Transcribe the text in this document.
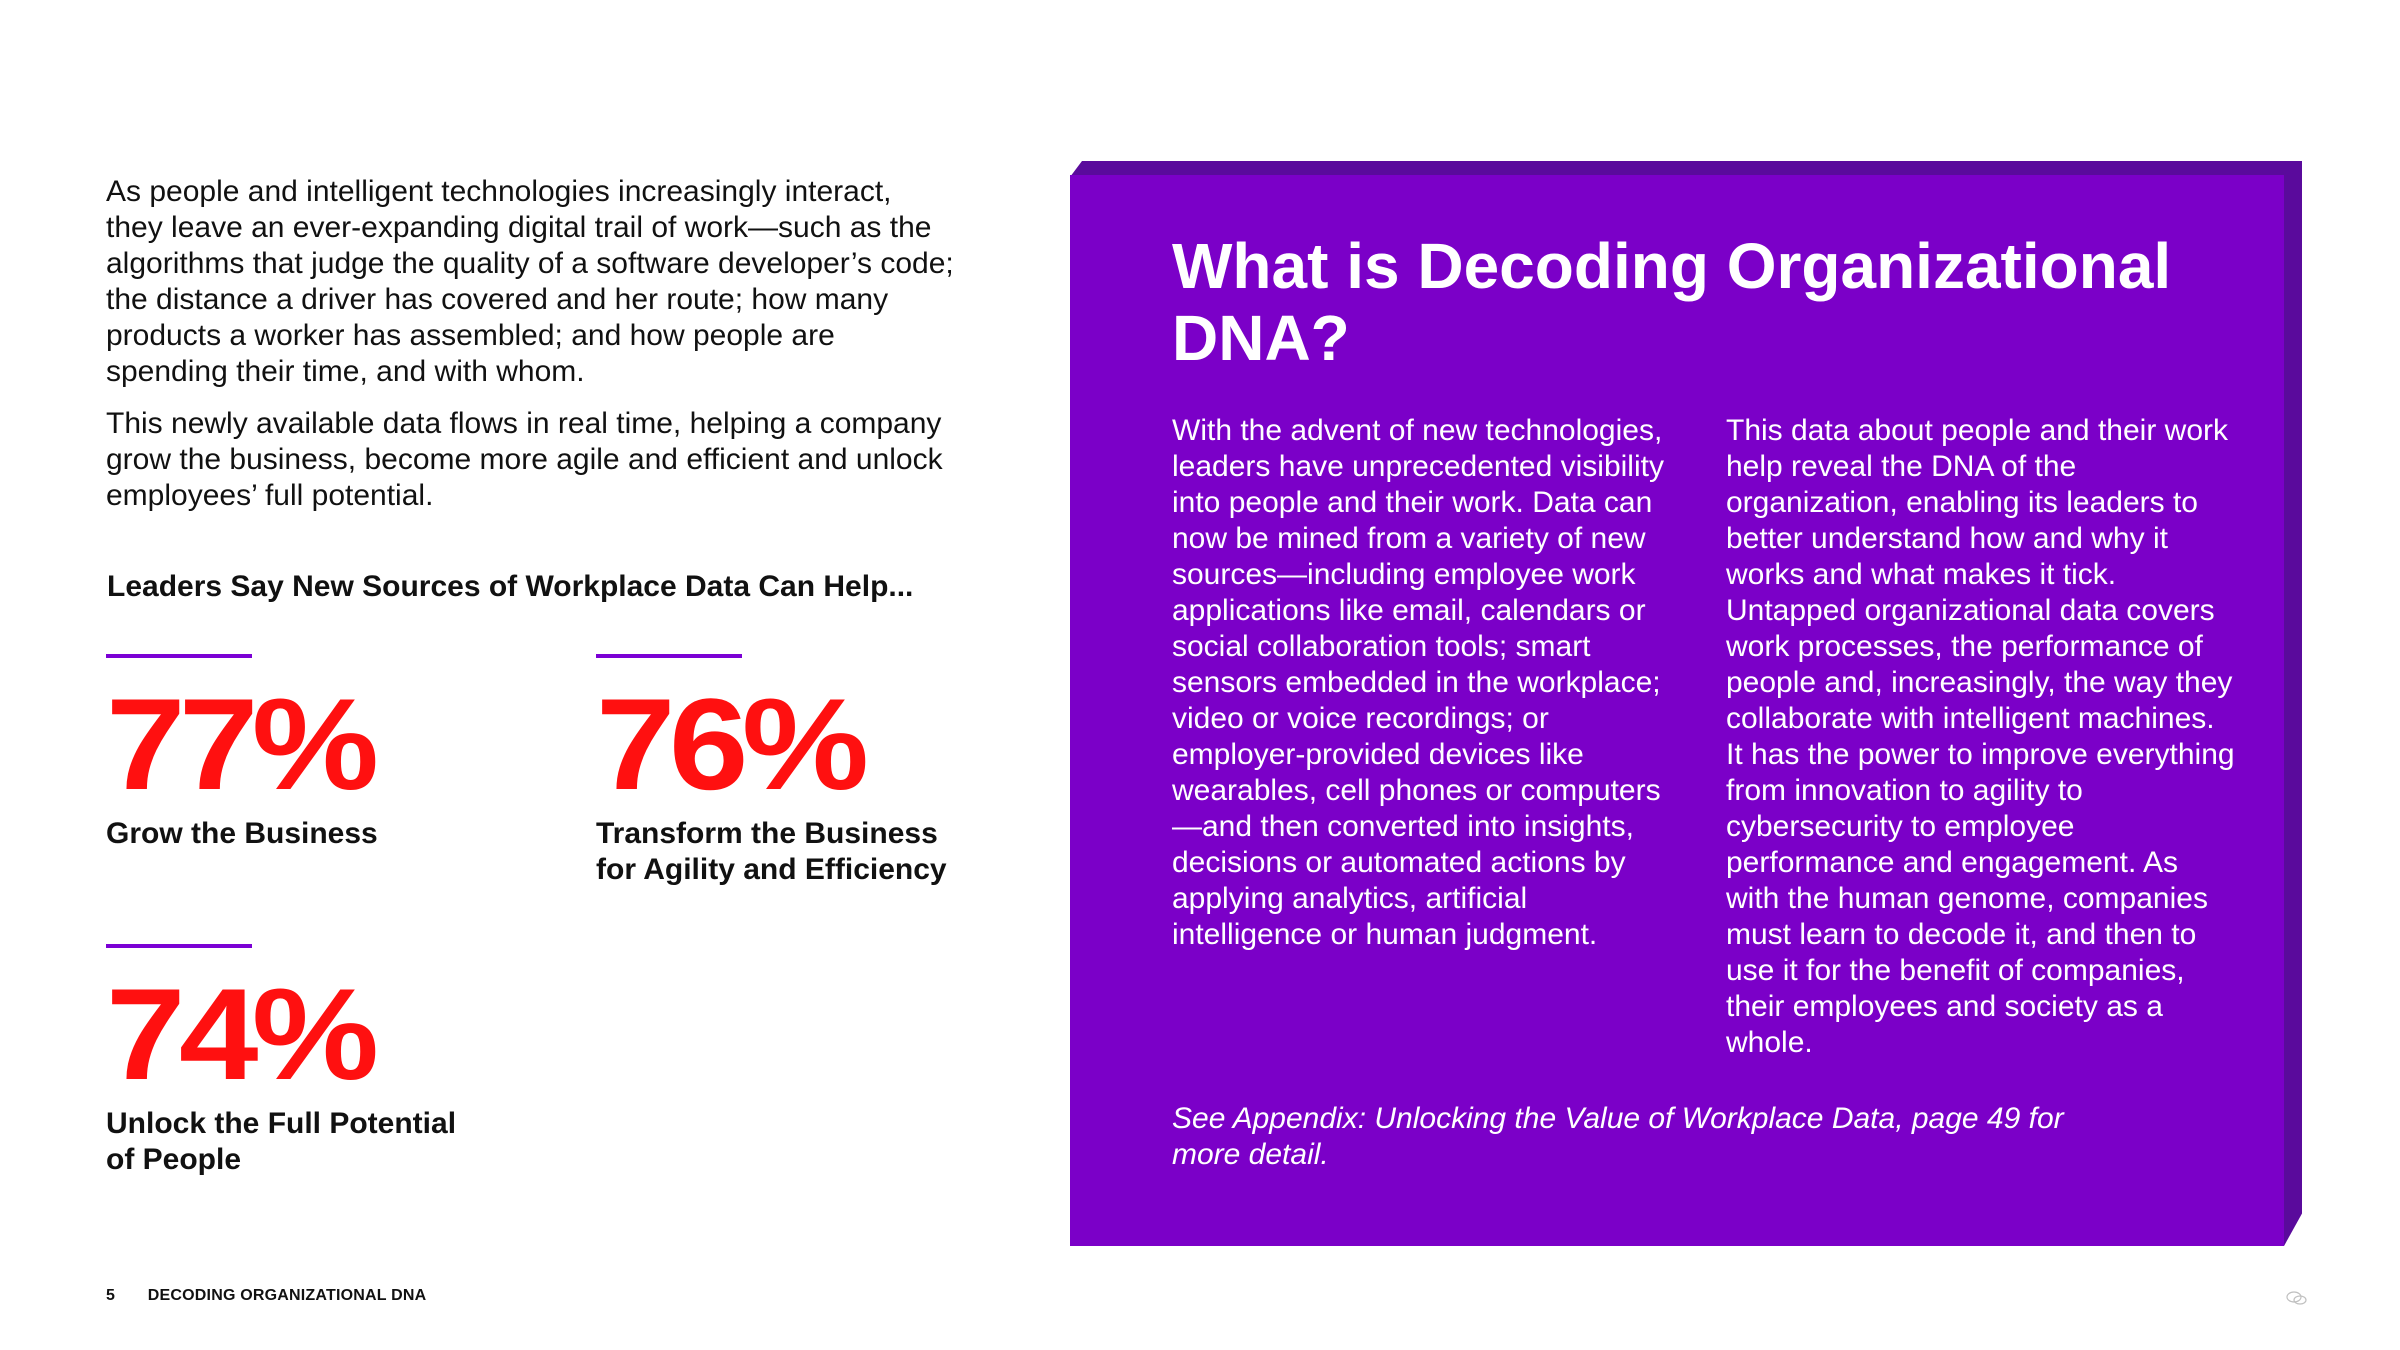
As people and intelligent technologies increasingly interact, they leave an ever-expanding digital trail of work—such as the algorithms that judge the quality of a software developer’s code; the distance a driver has covered and her route; how many products a worker has assembled; and how people are spending their time, and with whom.

This newly available data flows in real time, helping a company grow the business, become more agile and efficient and unlock employees’ full potential.

Leaders Say New Sources of Workplace Data Can Help...
77%
Grow the Business
76%
Transform the Business for Agility and Efficiency
74%
Unlock the Full Potential of People
5 DECODING ORGANIZATIONAL DNA
What is Decoding Organizational DNA?

With the advent of new technologies, leaders have unprecedented visibility into people and their work. Data can now be mined from a variety of new sources—including employee work applications like email, calendars or social collaboration tools; smart sensors embedded in the workplace; video or voice recordings; or employer-provided devices like wearables, cell phones or computers—and then converted into insights, decisions or automated actions by applying analytics, artificial intelligence or human judgment.

This data about people and their work help reveal the DNA of the organization, enabling its leaders to better understand how and why it works and what makes it tick. Untapped organizational data covers work processes, the performance of people and, increasingly, the way they collaborate with intelligent machines. It has the power to improve everything from innovation to agility to cybersecurity to employee performance and engagement. As with the human genome, companies must learn to decode it, and then to use it for the benefit of companies, their employees and society as a whole.

See Appendix: Unlocking the Value of Workplace Data, page 49 for more detail.
